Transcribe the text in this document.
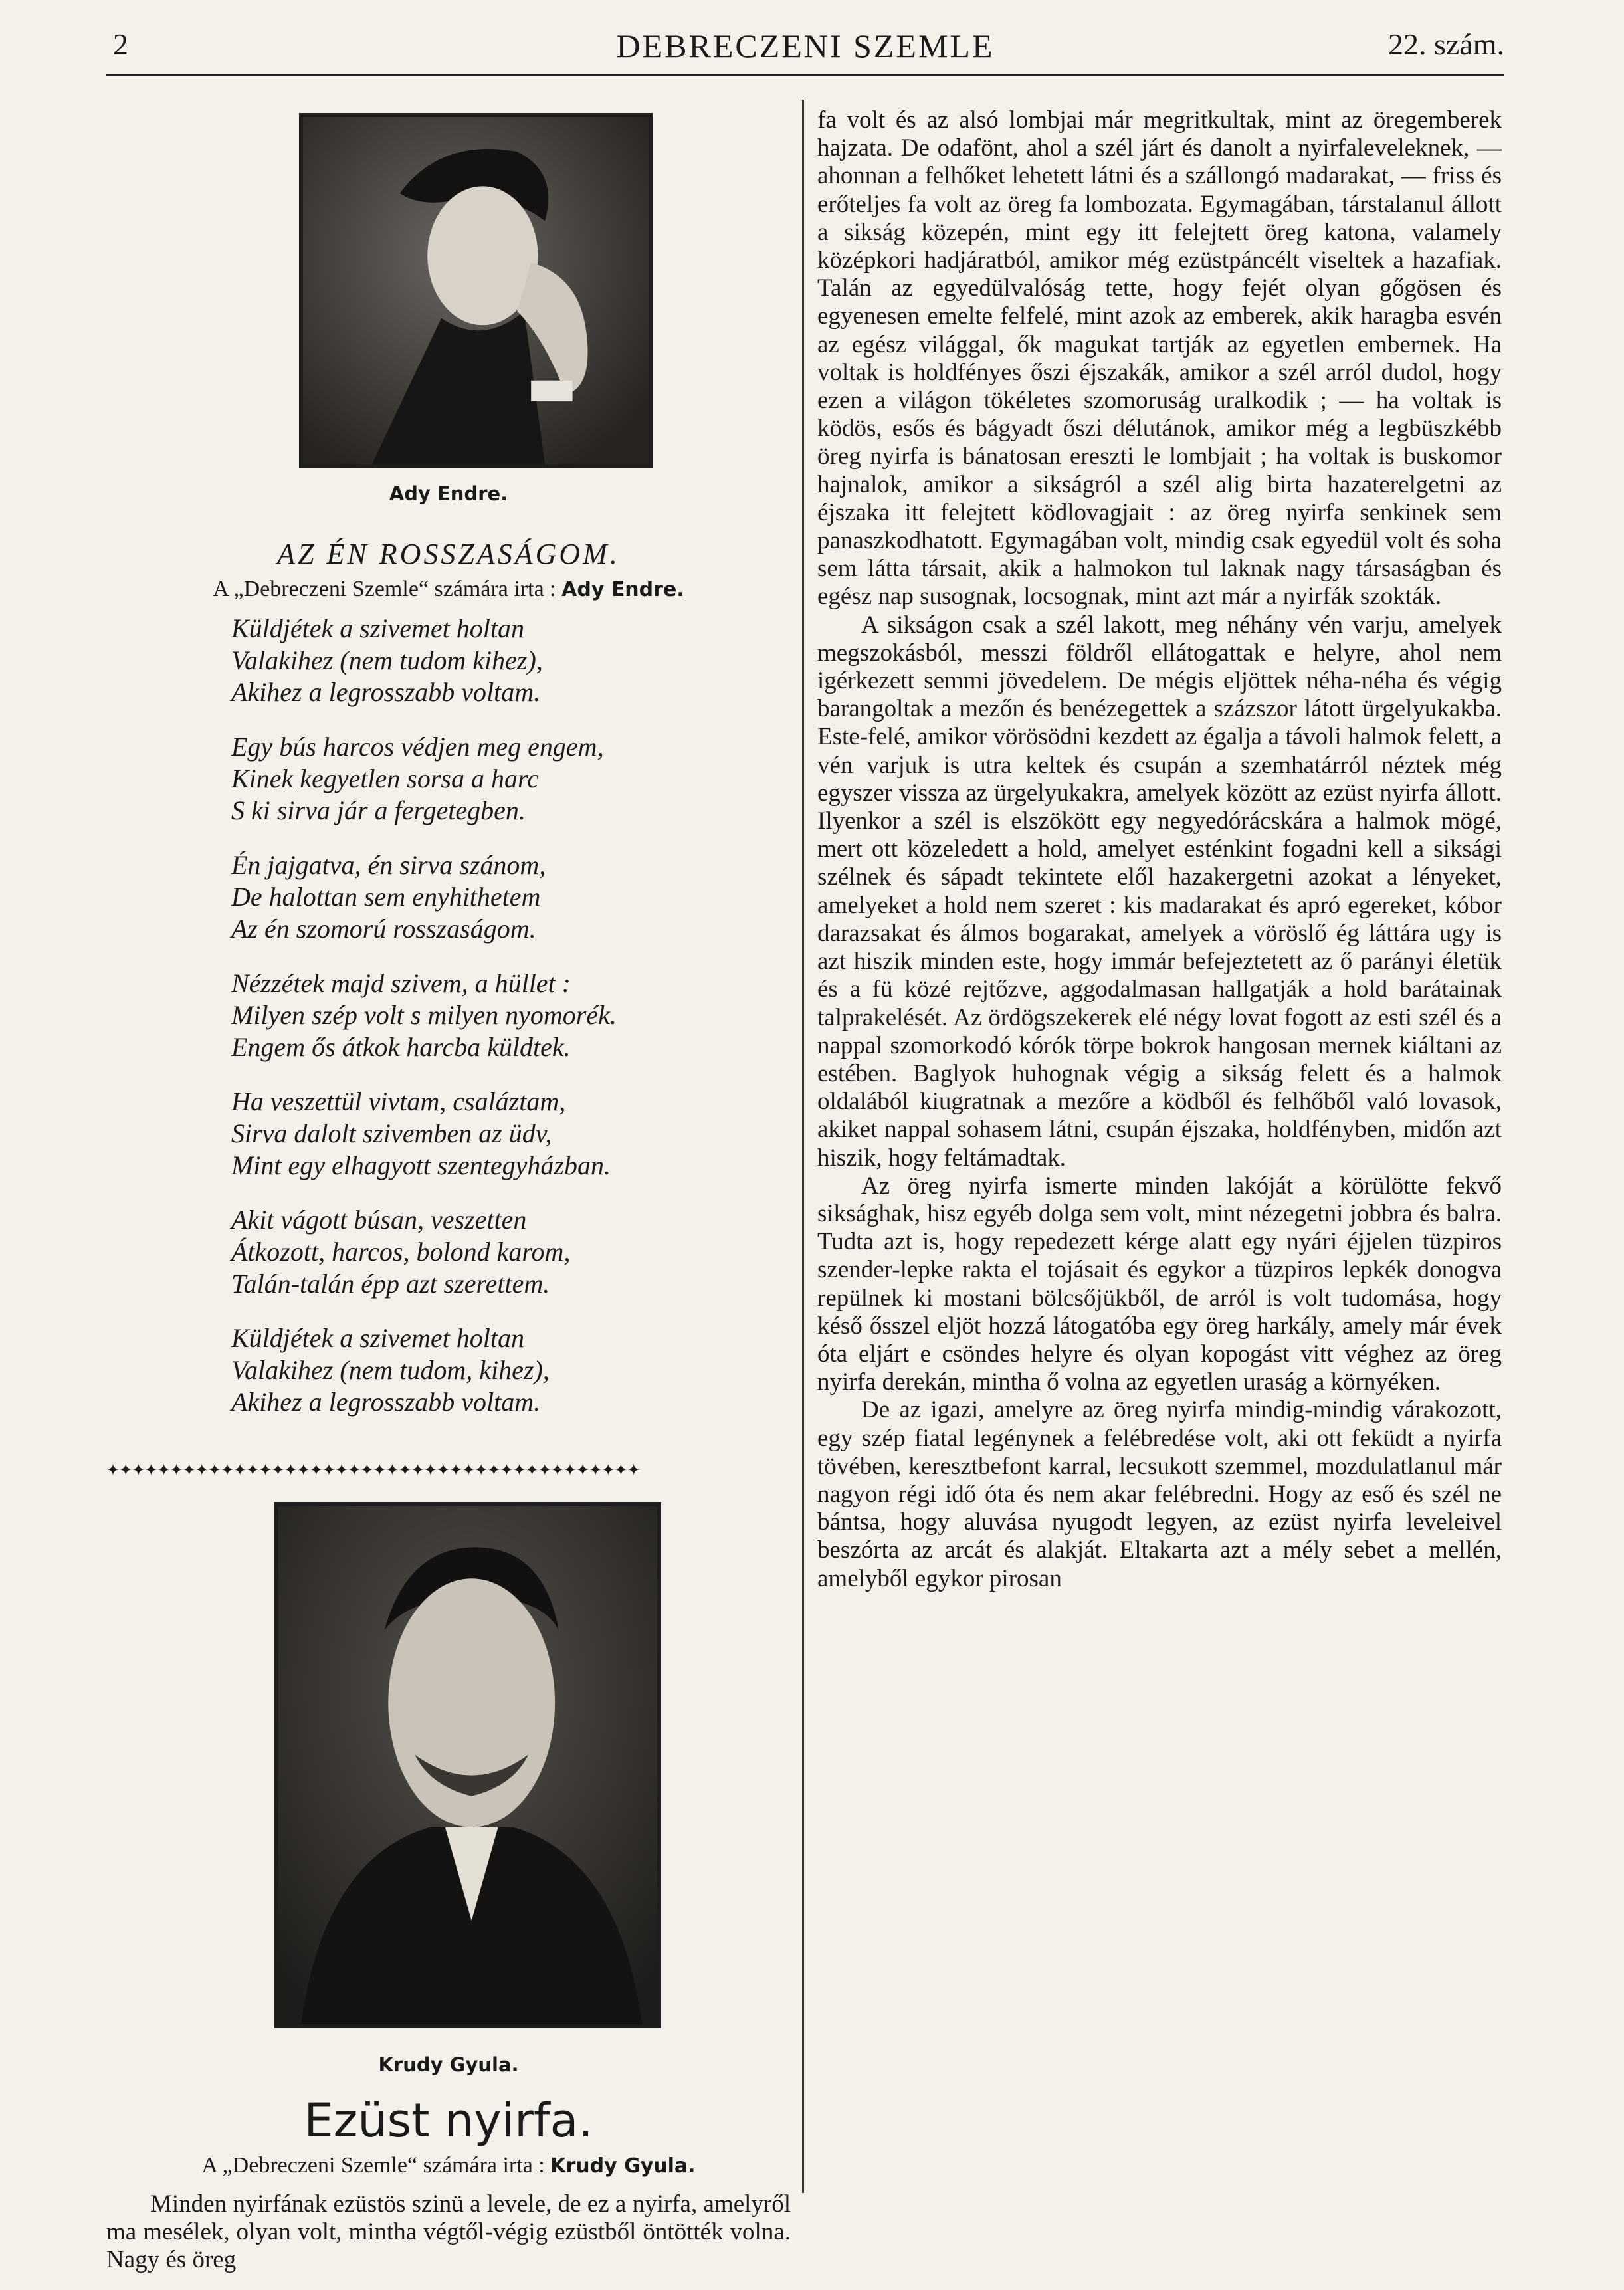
2	DEBRECZENI SZEMLE	22. szám.
Ady Endre.
AZ ÉN ROSSZASÁGOM.
A „Debreczeni Szemle“ számára irta : Ady Endre.
Küldjétek a szivemet holtan
Valakihez (nem tudom kihez),
Akihez a legrosszabb voltam.
Egy bús harcos védjen meg engem,
Kinek kegyetlen sorsa a harc
S ki sirva jár a fergetegben.
Én jajgatva, én sirva szánom,
De halottan sem enyhithetem
Az én szomorú rosszaságom.
Nézzétek majd szivem, a hüllet :
Milyen szép volt s milyen nyomorék.
Engem ős átkok harcba küldtek.
Ha veszettül vivtam, csaláztam,
Sirva dalolt szivemben az üdv,
Mint egy elhagyott szentegyházban.
Akit vágott búsan, veszetten
Átkozott, harcos, bolond karom,
Talán-talán épp azt szerettem.
Küldjétek a szivemet holtan
Valakihez (nem tudom, kihez),
Akihez a legrosszabb voltam.
✦✦✦✦✦✦✦✦✦✦✦✦✦✦✦✦✦✦✦✦✦✦✦✦✦✦✦✦✦✦✦✦✦✦✦✦✦✦✦✦✦✦
Krudy Gyula.
Ezüst nyirfa.
A „Debreczeni Szemle“ számára irta : Krudy Gyula.

Minden nyirfának ezüstös szinü a levele, de ez a nyirfa, amelyről ma mesélek, olyan volt, mintha végtől-végig ezüstből öntötték volna. Nagy és öreg

fa volt és az alsó lombjai már megritkultak, mint az öregemberek hajzata. De odafönt, ahol a szél járt és danolt a nyirfaleveleknek, — ahonnan a felhőket lehetett látni és a szállongó madarakat, — friss és erőteljes fa volt az öreg fa lombozata. Egymagában, társtalanul állott a sikság közepén, mint egy itt felejtett öreg katona, valamely középkori hadjáratból, amikor még ezüstpáncélt viseltek a hazafiak. Talán az egyedülvalóság tette, hogy fejét olyan gőgösen és egyenesen emelte felfelé, mint azok az emberek, akik haragba esvén az egész világgal, ők magukat tartják az egyetlen embernek. Ha voltak is holdfényes őszi éjszakák, amikor a szél arról dudol, hogy ezen a világon tökéletes szomoruság uralkodik ; — ha voltak is ködös, esős és bágyadt őszi délutánok, amikor még a legbüszkébb öreg nyirfa is bánatosan ereszti le lombjait ; ha voltak is buskomor hajnalok, amikor a sikságról a szél alig birta hazaterelgetni az éjszaka itt felejtett ködlovagjait : az öreg nyirfa senkinek sem panaszkodhatott. Egymagában volt, mindig csak egyedül volt és soha sem látta társait, akik a halmokon tul laknak nagy társaságban és egész nap susognak, locsognak, mint azt már a nyirfák szokták.

A sikságon csak a szél lakott, meg néhány vén varju, amelyek megszokásból, messzi földről ellátogattak e helyre, ahol nem igérkezett semmi jövedelem. De mégis eljöttek néha-néha és végig barangoltak a mezőn és benézegettek a százszor látott ürgelyukakba. Este-felé, amikor vörösödni kezdett az égalja a távoli halmok felett, a vén varjuk is utra keltek és csupán a szemhatárról néztek még egyszer vissza az ürgelyukakra, amelyek között az ezüst nyirfa állott. Ilyenkor a szél is elszökött egy negyedórácskára a halmok mögé, mert ott közeledett a hold, amelyet esténkint fogadni kell a siksági szélnek és sápadt tekintete elől hazakergetni azokat a lényeket, amelyeket a hold nem szeret : kis madarakat és apró egereket, kóbor darazsakat és álmos bogarakat, amelyek a vöröslő ég láttára ugy is azt hiszik minden este, hogy immár befejeztetett az ő parányi életük és a fü közé rejtőzve, aggodalmasan hallgatják a hold barátainak talprakelését. Az ördögszekerek elé négy lovat fogott az esti szél és a nappal szomorkodó kórók törpe bokrok hangosan mernek kiáltani az estében. Baglyok huhognak végig a sikság felett és a halmok oldalából kiugratnak a mezőre a ködből és felhőből való lovasok, akiket nappal sohasem látni, csupán éjszaka, holdfényben, midőn azt hiszik, hogy feltámadtak.

Az öreg nyirfa ismerte minden lakóját a körülötte fekvő siksághak, hisz egyéb dolga sem volt, mint nézegetni jobbra és balra. Tudta azt is, hogy repedezett kérge alatt egy nyári éjjelen tüzpiros szender-lepke rakta el tojásait és egykor a tüzpiros lepkék donogva repülnek ki mostani bölcsőjükből, de arról is volt tudomása, hogy késő ősszel eljöt hozzá látogatóba egy öreg harkály, amely már évek óta eljárt e csöndes helyre és olyan kopogást vitt véghez az öreg nyirfa derekán, mintha ő volna az egyetlen uraság a környéken.

De az igazi, amelyre az öreg nyirfa mindig-mindig várakozott, egy szép fiatal legénynek a felébredése volt, aki ott feküdt a nyirfa tövében, keresztbefont karral, lecsukott szemmel, mozdulatlanul már nagyon régi idő óta és nem akar felébredni. Hogy az eső és szél ne bántsa, hogy aluvása nyugodt legyen, az ezüst nyirfa leveleivel beszórta az arcát és alakját. Eltakarta azt a mély sebet a mellén, amelyből egykor pirosan
